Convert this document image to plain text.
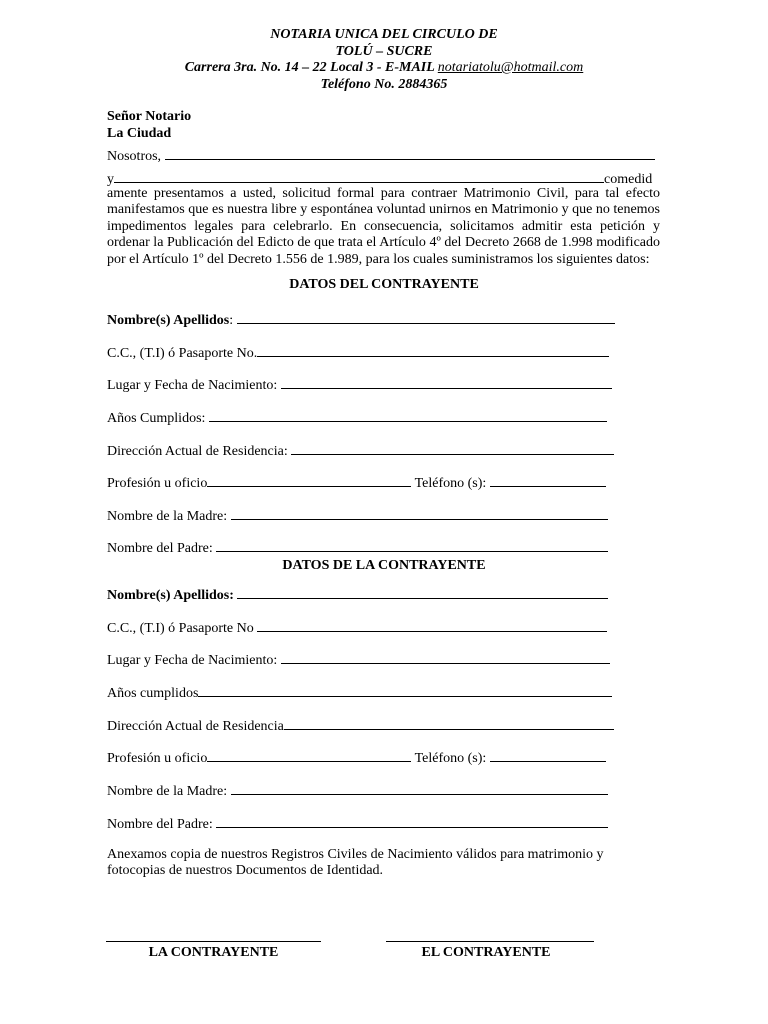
NOTARIA UNICA DEL CIRCULO DE
TOLÚ – SUCRE
Carrera 3ra. No. 14 – 22 Local 3 - E-MAIL notariatolu@hotmail.com
Teléfono No. 2884365
Señor Notario
La Ciudad
Nosotros,
y	comedid
amente presentamos a usted, solicitud formal para contraer Matrimonio Civil, para tal efecto manifestamos que es nuestra libre y espontánea voluntad unirnos en Matrimonio y que no tenemos impedimentos legales para celebrarlo. En consecuencia, solicitamos admitir esta petición y ordenar la Publicación del Edicto de que trata el Artículo 4º del Decreto 2668 de 1.998 modificado por el Artículo 1º del Decreto 1.556 de 1.989, para los cuales suministramos los siguientes datos:
DATOS DEL CONTRAYENTE
Nombre(s) Apellidos:
C.C., (T.I) ó Pasaporte No.
Lugar y Fecha de Nacimiento:
Años Cumplidos:
Dirección Actual de Residencia:
Profesión u oficio	Teléfono (s):
Nombre de la Madre:
Nombre del Padre:
DATOS DE LA CONTRAYENTE
Nombre(s) Apellidos:
C.C., (T.I) ó Pasaporte No
Lugar y Fecha de Nacimiento:
Años cumplidos
Dirección Actual de Residencia
Profesión u oficio	Teléfono (s):
Nombre de la Madre:
Nombre del Padre:
Anexamos copia de nuestros Registros Civiles de Nacimiento válidos para matrimonio y fotocopias de nuestros Documentos de Identidad.
LA CONTRAYENTE	EL CONTRAYENTE
